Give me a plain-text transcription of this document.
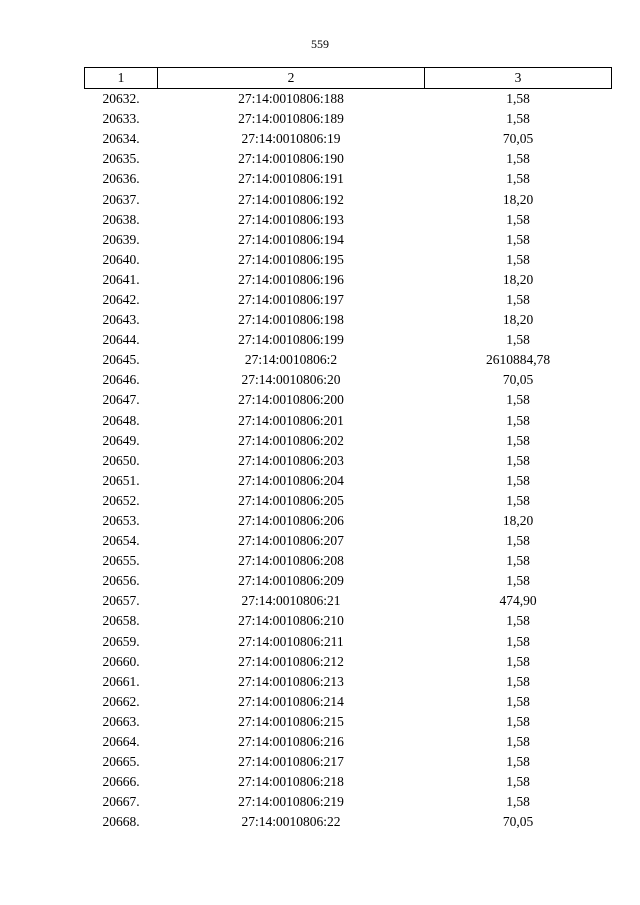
559
1	2	3
20632.	27:14:0010806:188	1,58
20633.	27:14:0010806:189	1,58
20634.	27:14:0010806:19	70,05
20635.	27:14:0010806:190	1,58
20636.	27:14:0010806:191	1,58
20637.	27:14:0010806:192	18,20
20638.	27:14:0010806:193	1,58
20639.	27:14:0010806:194	1,58
20640.	27:14:0010806:195	1,58
20641.	27:14:0010806:196	18,20
20642.	27:14:0010806:197	1,58
20643.	27:14:0010806:198	18,20
20644.	27:14:0010806:199	1,58
20645.	27:14:0010806:2	2610884,78
20646.	27:14:0010806:20	70,05
20647.	27:14:0010806:200	1,58
20648.	27:14:0010806:201	1,58
20649.	27:14:0010806:202	1,58
20650.	27:14:0010806:203	1,58
20651.	27:14:0010806:204	1,58
20652.	27:14:0010806:205	1,58
20653.	27:14:0010806:206	18,20
20654.	27:14:0010806:207	1,58
20655.	27:14:0010806:208	1,58
20656.	27:14:0010806:209	1,58
20657.	27:14:0010806:21	474,90
20658.	27:14:0010806:210	1,58
20659.	27:14:0010806:211	1,58
20660.	27:14:0010806:212	1,58
20661.	27:14:0010806:213	1,58
20662.	27:14:0010806:214	1,58
20663.	27:14:0010806:215	1,58
20664.	27:14:0010806:216	1,58
20665.	27:14:0010806:217	1,58
20666.	27:14:0010806:218	1,58
20667.	27:14:0010806:219	1,58
20668.	27:14:0010806:22	70,05
